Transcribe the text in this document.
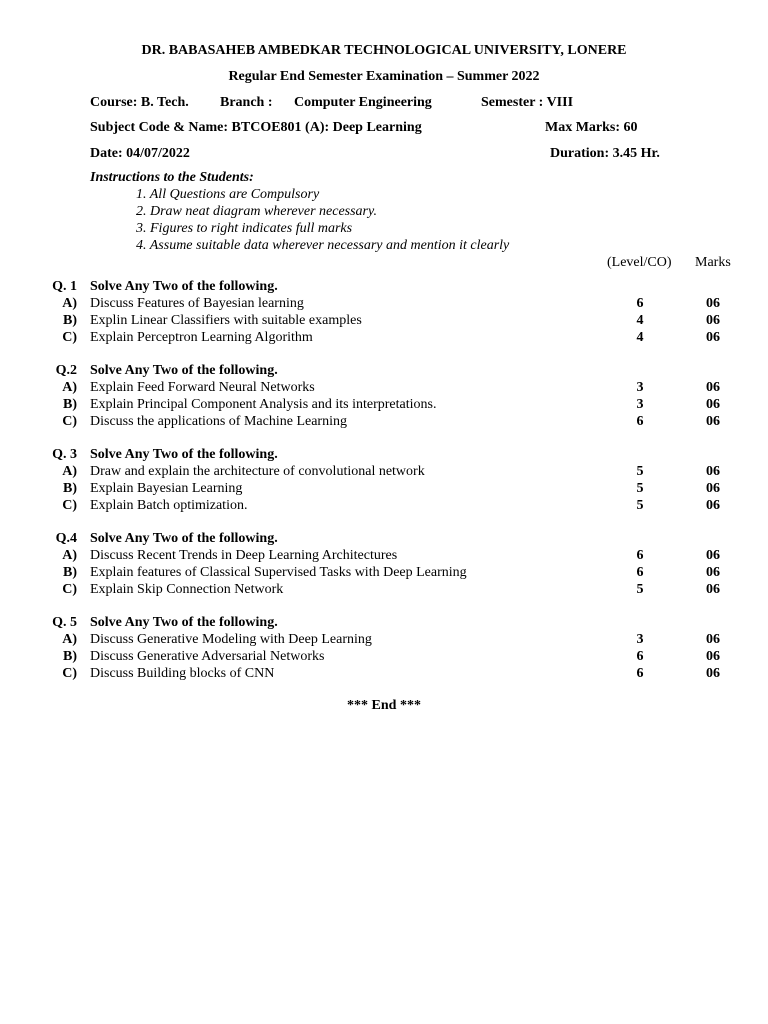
DR. BABASAHEB AMBEDKAR TECHNOLOGICAL UNIVERSITY, LONERE
Regular End Semester Examination – Summer 2022
Course: B. Tech. Branch : Computer Engineering	Semester : VIII
Subject Code & Name: BTCOE801 (A): Deep Learning	Max Marks: 60
Date: 04/07/2022	Duration: 3.45 Hr.
Instructions to the Students:
1. All Questions are Compulsory
2. Draw neat diagram wherever necessary.
3. Figures to right indicates full marks
4. Assume suitable data wherever necessary and mention it clearly
(Level/CO) Marks
Q. 1 Solve Any Two of the following.
A) Discuss Features of Bayesian learning	6	06
B) Explin Linear Classifiers with suitable examples	4	06
C) Explain Perceptron Learning Algorithm	4	06
Q.2 Solve Any Two of the following.
A) Explain Feed Forward Neural Networks	3	06
B) Explain Principal Component Analysis and its interpretations.	3	06
C) Discuss the applications of Machine Learning	6	06
Q. 3 Solve Any Two of the following.
A) Draw and explain the architecture of convolutional network	5	06
B) Explain Bayesian Learning	5	06
C) Explain Batch optimization.	5	06
Q.4 Solve Any Two of the following.
A) Discuss Recent Trends in Deep Learning Architectures	6	06
B) Explain features of Classical Supervised Tasks with Deep Learning	6	06
C) Explain Skip Connection Network	5	06
Q. 5 Solve Any Two of the following.
A) Discuss Generative Modeling with Deep Learning	3	06
B) Discuss Generative Adversarial Networks	6	06
C) Discuss Building blocks of CNN	6	06
*** End ***
